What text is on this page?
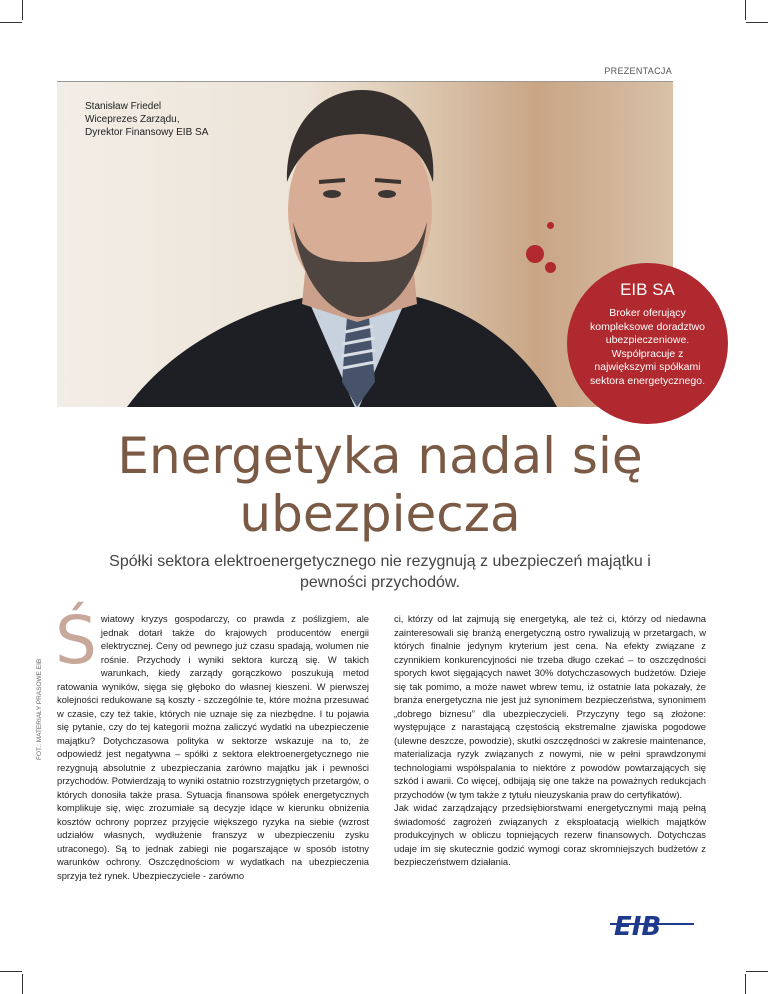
PREZENTACJA
Stanisław Friedel
Wiceprezes Zarządu,
Dyrektor Finansowy EIB SA
EIB SA
Broker oferujący kompleksowe doradztwo ubezpieczeniowe. Współpracuje z największymi spółkami sektora energetycznego.
Energetyka nadal się ubezpiecza
Spółki sektora elektroenergetycznego nie rezygnują z ubezpieczeń majątku i pewności przychodów.
FOT.: MATERIAŁY PRASOWE EIB
Ś wiatowy kryzys gospodarczy, co prawda z poślizgiem, ale jednak dotarł także do krajowych producentów energii elektrycznej. Ceny od pewnego już czasu spadają, wolumen nie rośnie. Przychody i wyniki sektora kurczą się. W takich warunkach, kiedy zarządy gorączkowo poszukują metod ratowania wyników, sięga się głęboko do własnej kieszeni. W pierwszej kolejności redukowane są koszty - szczególnie te, które można przesuwać w czasie, czy też takie, których nie uznaje się za niezbędne. I tu pojawia się pytanie, czy do tej kategorii można zaliczyć wydatki na ubezpieczenie majątku? Dotychczasowa polityka w sektorze wskazuje na to, że odpowiedź jest negatywna – spółki z sektora elektroenergetycznego nie rezygnują absolutnie z ubezpieczania zarówno majątku jak i pewności przychodów. Potwierdzają to wyniki ostatnio rozstrzygniętych przetargów, o których donosiła także prasa. Sytuacja finansowa spółek energetycznych komplikuje się, więc zrozumiałe są decyzje idące w kierunku obniżenia kosztów ochrony poprzez przyjęcie większego ryzyka na siebie (wzrost udziałów własnych, wydłużenie franszyz w ubezpieczeniu zysku utraconego). Są to jednak zabiegi nie pogarszające w sposób istotny warunków ochrony. Oszczędnościom w wydatkach na ubezpieczenia sprzyja też rynek. Ubezpieczyciele - zarówno

ci, którzy od lat zajmują się energetyką, ale też ci, którzy od niedawna zainteresowali się branżą energetyczną ostro rywalizują w przetargach, w których finalnie jedynym kryterium jest cena. Na efekty związane z czynnikiem konkurencyjności nie trzeba długo czekać – to oszczędności sporych kwot sięgających nawet 30% dotychczasowych budżetów. Dzieje się tak pomimo, a może nawet wbrew temu, iż ostatnie lata pokazały, że branża energetyczna nie jest już synonimem bezpieczeństwa, synonimem „dobrego biznesu” dla ubezpieczycieli. Przyczyny tego są złożone: występujące z narastającą częstością ekstremalne zjawiska pogodowe (ulewne deszcze, powodzie), skutki oszczędności w zakresie maintenance, materializacja ryzyk związanych z nowymi, nie w pełni sprawdzonymi technologiami współspalania to niektóre z powodów powtarzających się szkód i awarii. Co więcej, odbijają się one także na poważnych redukcjach przychodów (w tym także z tytułu nieuzyskania praw do certyfikatów).

Jak widać zarządzający przedsiębiorstwami energetycznymi mają pełną świadomość zagrożeń związanych z eksploatacją wielkich majątków produkcyjnych w obliczu topniejących rezerw finansowych. Dotychczas udaje im się skutecznie godzić wymogi coraz skromniejszych budżetów z bezpieczeństwem działania.

EIB
